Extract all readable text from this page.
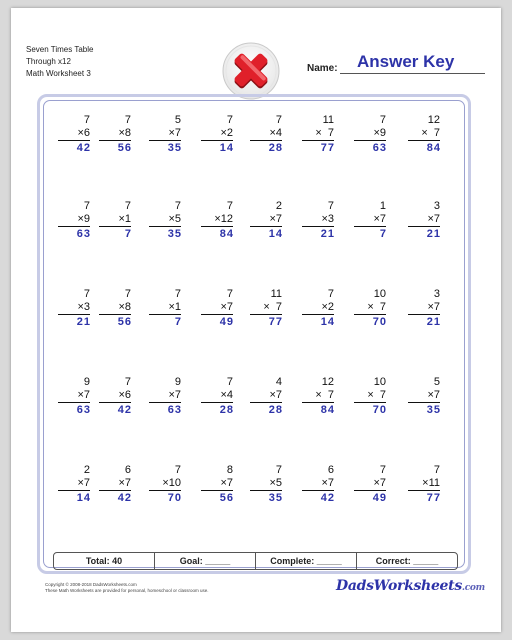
Seven Times Table
Through x12
Math Worksheet 3	Name: Answer Key
7
×6
42
7
×8
56
5
×7
35
7
×2
14
7
×4
28
11
×  7
77
7
×9
63
12
×  7
84
7
×9
63
7
×1
7
7
×5
35
7
×12
84
2
×7
14
7
×3
21
1
×7
7
3
×7
21
7
×3
21
7
×8
56
7
×1
7
7
×7
49
11
×  7
77
7
×2
14
10
×  7
70
3
×7
21
9
×7
63
7
×6
42
9
×7
63
7
×4
28
4
×7
28
12
×  7
84
10
×  7
70
5
×7
35
2
×7
14
6
×7
42
7
×10
70
8
×7
56
7
×5
35
6
×7
42
7
×7
49
7
×11
77
Total: 40	Goal: _____	Complete: _____	Correct: _____
Copyright © 2008-2018 DadsWorksheets.com
These Math Worksheets are provided for personal, homeschool or classroom use.	DadsWorksheets.com
